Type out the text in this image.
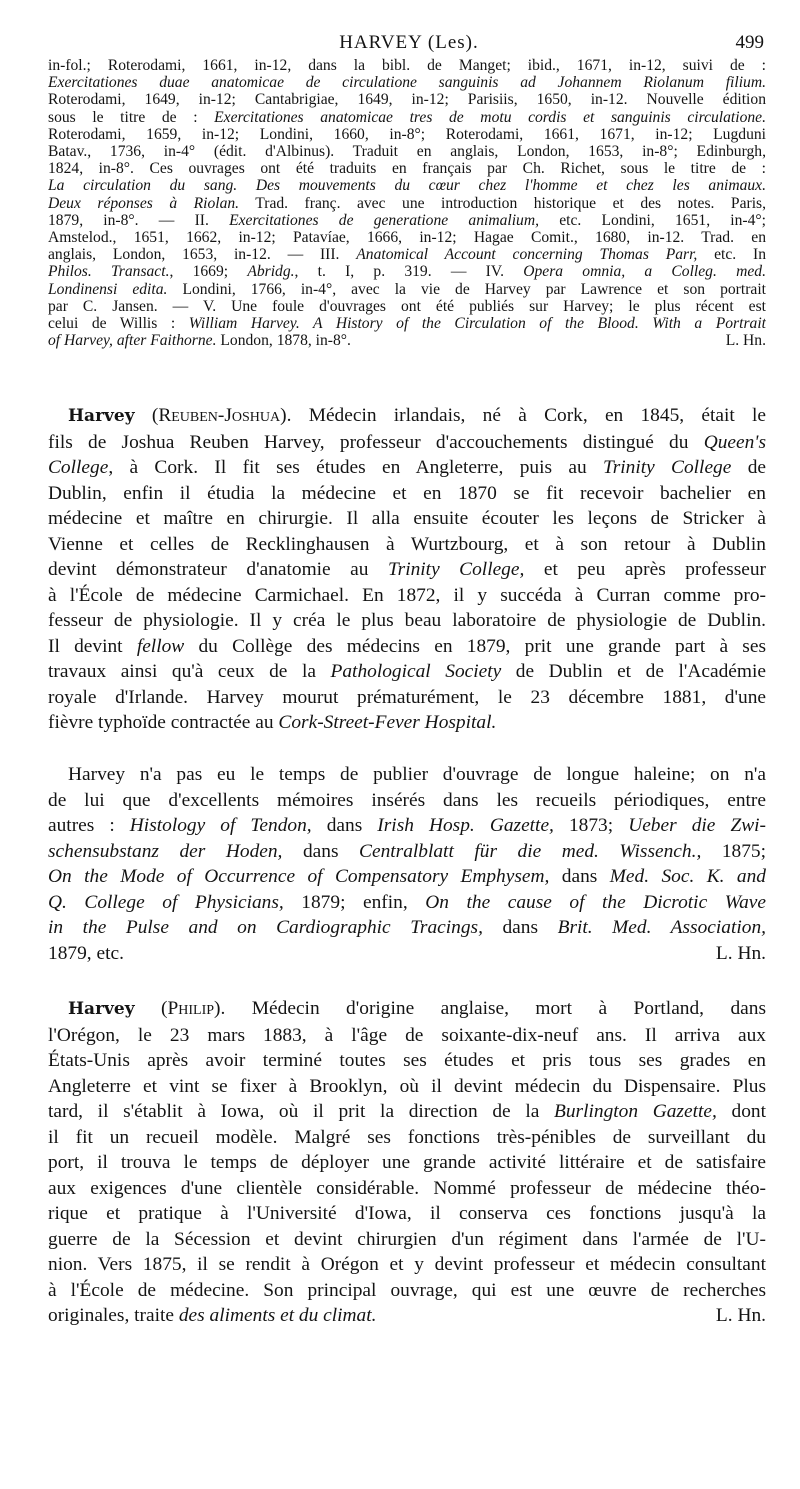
HARVEY (Les).	499
in-fol.; Roterodami, 1661, in-12, dans la bibl. de Manget; ibid., 1671, in-12, suivi de :
Exercitationes duae anatomicae de circulatione sanguinis ad Johannem Riolanum filium.
Roterodami, 1649, in-12; Cantabrigiae, 1649, in-12; Parisiis, 1650, in-12. Nouvelle édition
sous le titre de : Exercitationes anatomicae tres de motu cordis et sanguinis circulatione.
Roterodami, 1659, in-12; Londini, 1660, in-8°; Roterodami, 1661, 1671, in-12; Lugduni
Batav., 1736, in-4° (édit. d'Albinus). Traduit en anglais, London, 1653, in-8°; Edinburgh,
1824, in-8°. Ces ouvrages ont été traduits en français par Ch. Richet, sous le titre de :
La circulation du sang. Des mouvements du cœur chez l'homme et chez les animaux.
Deux réponses à Riolan. Trad. franç. avec une introduction historique et des notes. Paris,
1879, in-8°. — II. Exercitationes de generatione animalium, etc. Londini, 1651, in-4°;
Amstelod., 1651, 1662, in-12; Patavíae, 1666, in-12; Hagae Comit., 1680, in-12. Trad. en
anglais, London, 1653, in-12. — III. Anatomical Account concerning Thomas Parr, etc. In
Philos. Transact., 1669; Abridg., t. I, p. 319. — IV. Opera omnia, a Colleg. med.
Londinensi edita. Londini, 1766, in-4°, avec la vie de Harvey par Lawrence et son portrait
par C. Jansen. — V. Une foule d'ouvrages ont été publiés sur Harvey; le plus récent est
celui de Willis : William Harvey. A History of the Circulation of the Blood. With a Portrait
of Harvey, after Faithorne. London, 1878, in-8°.	L. Hn.
Harvey (Reuben-Joshua). Médecin irlandais, né à Cork, en 1845, était le
fils de Joshua Reuben Harvey, professeur d'accouchements distingué du Queen's
College, à Cork. Il fit ses études en Angleterre, puis au Trinity College de
Dublin, enfin il étudia la médecine et en 1870 se fit recevoir bachelier en
médecine et maître en chirurgie. Il alla ensuite écouter les leçons de Stricker à
Vienne et celles de Recklinghausen à Wurtzbourg, et à son retour à Dublin
devint démonstrateur d'anatomie au Trinity College, et peu après professeur
à l'École de médecine Carmichael. En 1872, il y succéda à Curran comme pro-
fesseur de physiologie. Il y créa le plus beau laboratoire de physiologie de Dublin.
Il devint fellow du Collège des médecins en 1879, prit une grande part à ses
travaux ainsi qu'à ceux de la Pathological Society de Dublin et de l'Académie
royale d'Irlande. Harvey mourut prématurément, le 23 décembre 1881, d'une
fièvre typhoïde contractée au Cork-Street-Fever Hospital.
Harvey n'a pas eu le temps de publier d'ouvrage de longue haleine; on n'a
de lui que d'excellents mémoires insérés dans les recueils périodiques, entre
autres : Histology of Tendon, dans Irish Hosp. Gazette, 1873; Ueber die Zwi-
schensubstanz der Hoden, dans Centralblatt für die med. Wissench., 1875;
On the Mode of Occurrence of Compensatory Emphysem, dans Med. Soc. K. and
Q. College of Physicians, 1879; enfin, On the cause of the Dicrotic Wave
in the Pulse and on Cardiographic Tracings, dans Brit. Med. Association,
1879, etc.	L. Hn.
Harvey (Philip). Médecin d'origine anglaise, mort à Portland, dans
l'Orégon, le 23 mars 1883, à l'âge de soixante-dix-neuf ans. Il arriva aux
États-Unis après avoir terminé toutes ses études et pris tous ses grades en
Angleterre et vint se fixer à Brooklyn, où il devint médecin du Dispensaire. Plus
tard, il s'établit à Iowa, où il prit la direction de la Burlington Gazette, dont
il fit un recueil modèle. Malgré ses fonctions très-pénibles de surveillant du
port, il trouva le temps de déployer une grande activité littéraire et de satisfaire
aux exigences d'une clientèle considérable. Nommé professeur de médecine théo-
rique et pratique à l'Université d'Iowa, il conserva ces fonctions jusqu'à la
guerre de la Sécession et devint chirurgien d'un régiment dans l'armée de l'U-
nion. Vers 1875, il se rendit à Orégon et y devint professeur et médecin consultant
à l'École de médecine. Son principal ouvrage, qui est une œuvre de recherches
originales, traite des aliments et du climat.	L. Hn.
